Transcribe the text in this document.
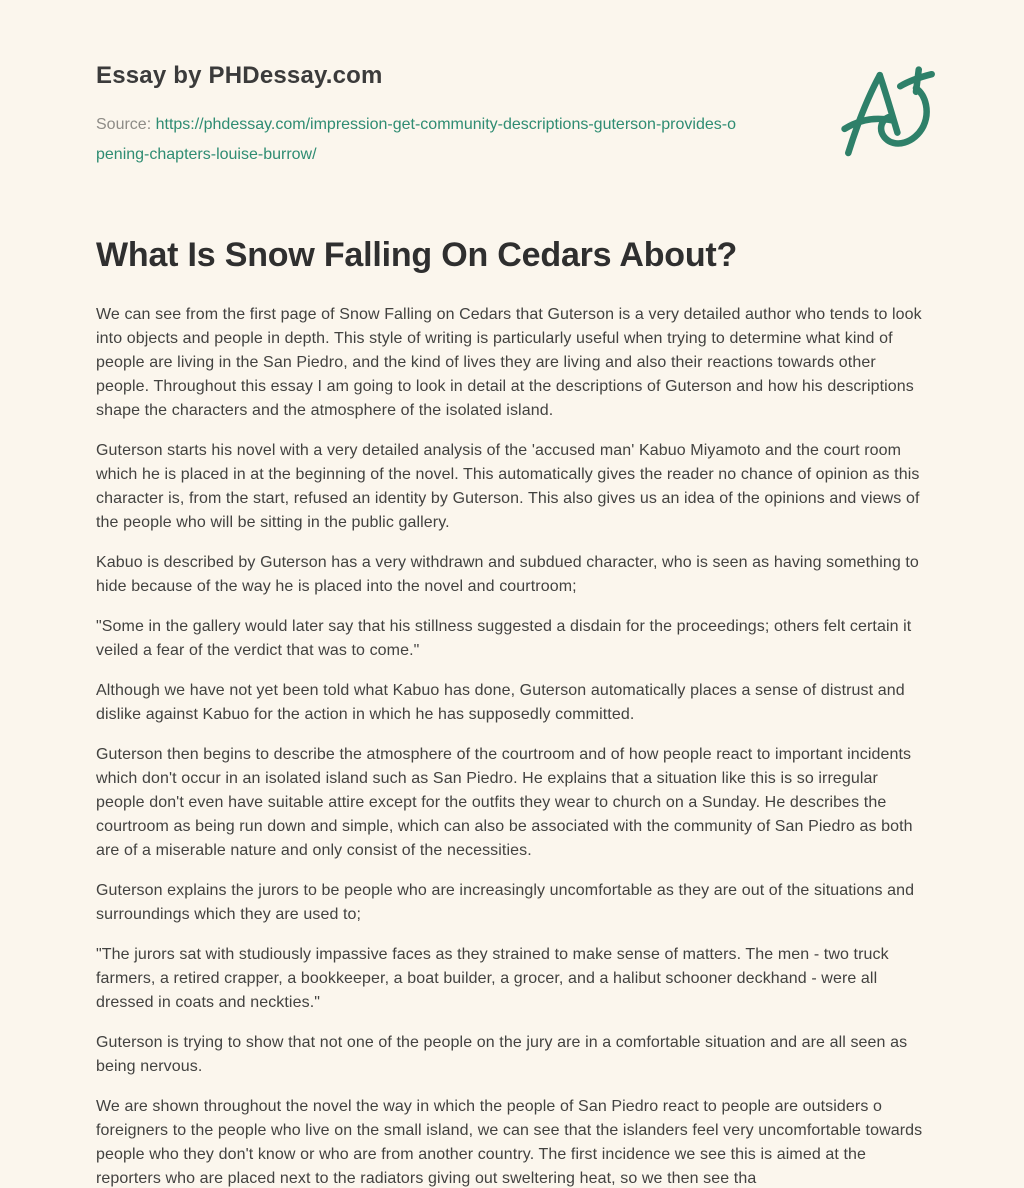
Essay by PHDessay.com
Source: https://phdessay.com/impression-get-community-descriptions-guterson-provides-opening-chapters-louise-burrow/
What Is Snow Falling On Cedars About?

We can see from the first page of Snow Falling on Cedars that Guterson is a very detailed author who tends to look into objects and people in depth. This style of writing is particularly useful when trying to determine what kind of people are living in the San Piedro, and the kind of lives they are living and also their reactions towards other people. Throughout this essay I am going to look in detail at the descriptions of Guterson and how his descriptions shape the characters and the atmosphere of the isolated island.

Guterson starts his novel with a very detailed analysis of the 'accused man' Kabuo Miyamoto and the court room which he is placed in at the beginning of the novel. This automatically gives the reader no chance of opinion as this character is, from the start, refused an identity by Guterson. This also gives us an idea of the opinions and views of the people who will be sitting in the public gallery.

Kabuo is described by Guterson has a very withdrawn and subdued character, who is seen as having something to hide because of the way he is placed into the novel and courtroom;

"Some in the gallery would later say that his stillness suggested a disdain for the proceedings; others felt certain it veiled a fear of the verdict that was to come."

Although we have not yet been told what Kabuo has done, Guterson automatically places a sense of distrust and dislike against Kabuo for the action in which he has supposedly committed.

Guterson then begins to describe the atmosphere of the courtroom and of how people react to important incidents which don't occur in an isolated island such as San Piedro. He explains that a situation like this is so irregular people don't even have suitable attire except for the outfits they wear to church on a Sunday. He describes the courtroom as being run down and simple, which can also be associated with the community of San Piedro as both are of a miserable nature and only consist of the necessities.

Guterson explains the jurors to be people who are increasingly uncomfortable as they are out of the situations and surroundings which they are used to;

"The jurors sat with studiously impassive faces as they strained to make sense of matters. The men - two truck farmers, a retired crapper, a bookkeeper, a boat builder, a grocer, and a halibut schooner deckhand - were all dressed in coats and neckties."

Guterson is trying to show that not one of the people on the jury are in a comfortable situation and are all seen as being nervous.

We are shown throughout the novel the way in which the people of San Piedro react to people are outsiders o foreigners to the people who live on the small island, we can see that the islanders feel very uncomfortable towards people who they don't know or who are from another country. The first incidence we see this is aimed at the reporters who are placed next to the radiators giving out sweltering heat, so we then see tha
